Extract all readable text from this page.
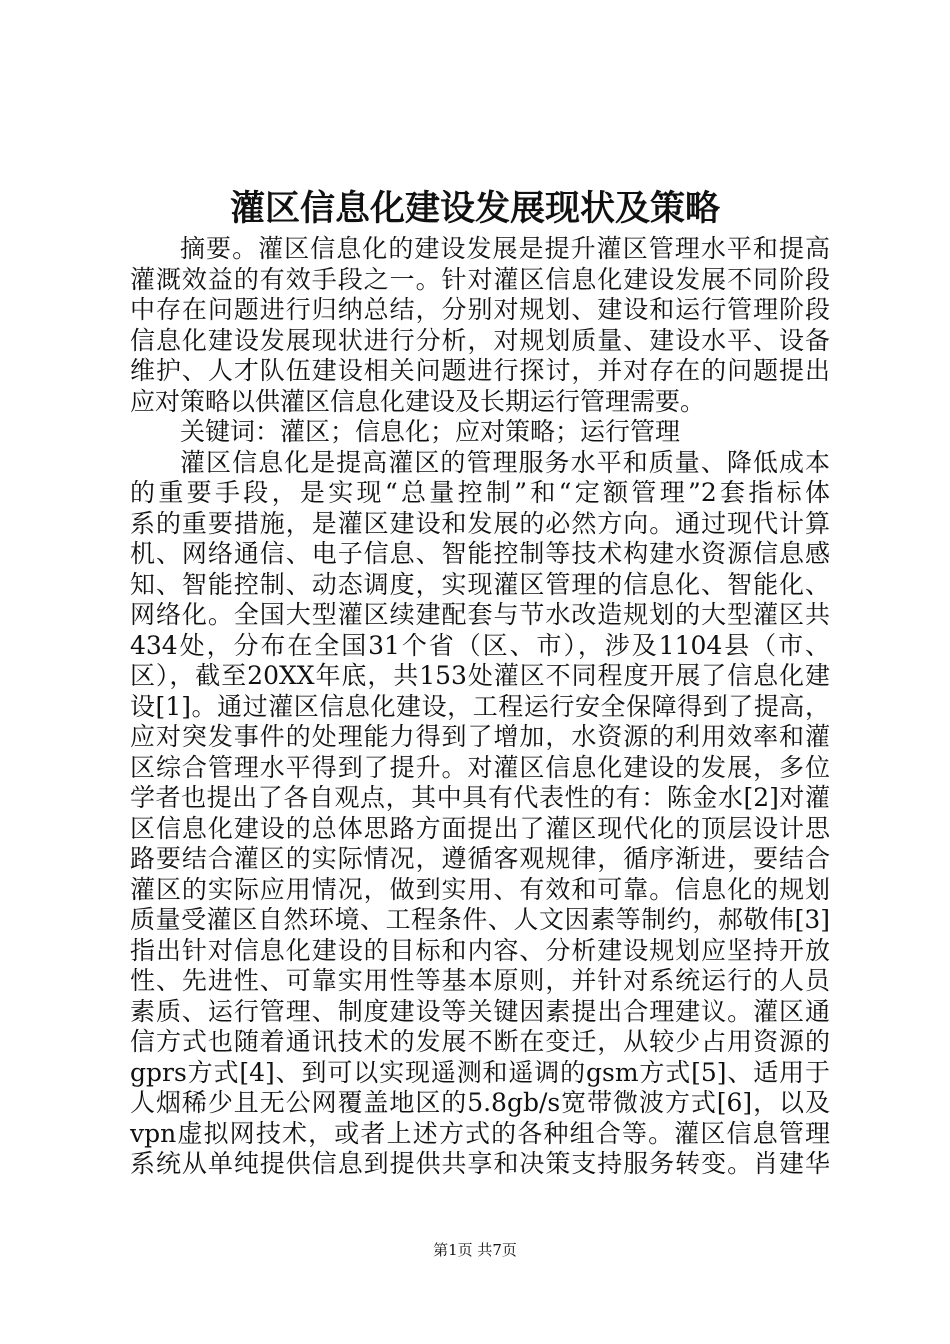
灌区信息化建设发展现状及策略
摘要。灌区信息化的建设发展是提升灌区管理水平和提高
灌溉效益的有效手段之一。针对灌区信息化建设发展不同阶段
中存在问题进行归纳总结，分别对规划、建设和运行管理阶段
信息化建设发展现状进行分析，对规划质量、建设水平、设备
维护、人才队伍建设相关问题进行探讨，并对存在的问题提出
应对策略以供灌区信息化建设及长期运行管理需要。
关键词：灌区；信息化；应对策略；运行管理
灌区信息化是提高灌区的管理服务水平和质量、降低成本
的重要手段，是实现“总量控制”和“定额管理”2套指标体
系的重要措施，是灌区建设和发展的必然方向。通过现代计算
机、网络通信、电子信息、智能控制等技术构建水资源信息感
知、智能控制、动态调度，实现灌区管理的信息化、智能化、
网络化。全国大型灌区续建配套与节水改造规划的大型灌区共
434处，分布在全国31个省（区、市），涉及1104县（市、
区），截至20XX年底，共153处灌区不同程度开展了信息化建
设[1]。通过灌区信息化建设，工程运行安全保障得到了提高，
应对突发事件的处理能力得到了增加，水资源的利用效率和灌
区综合管理水平得到了提升。对灌区信息化建设的发展，多位
学者也提出了各自观点，其中具有代表性的有：陈金水[2]对灌
区信息化建设的总体思路方面提出了灌区现代化的顶层设计思
路要结合灌区的实际情况，遵循客观规律，循序渐进，要结合
灌区的实际应用情况，做到实用、有效和可靠。信息化的规划
质量受灌区自然环境、工程条件、人文因素等制约，郝敬伟[3]
指出针对信息化建设的目标和内容、分析建设规划应坚持开放
性、先进性、可靠实用性等基本原则，并针对系统运行的人员
素质、运行管理、制度建设等关键因素提出合理建议。灌区通
信方式也随着通讯技术的发展不断在变迁，从较少占用资源的
gprs方式[4]、到可以实现遥测和遥调的gsm方式[5]、适用于
人烟稀少且无公网覆盖地区的5.8gb/s宽带微波方式[6]，以及
vpn虚拟网技术，或者上述方式的各种组合等。灌区信息管理
系统从单纯提供信息到提供共享和决策支持服务转变。肖建华
第1页 共7页
